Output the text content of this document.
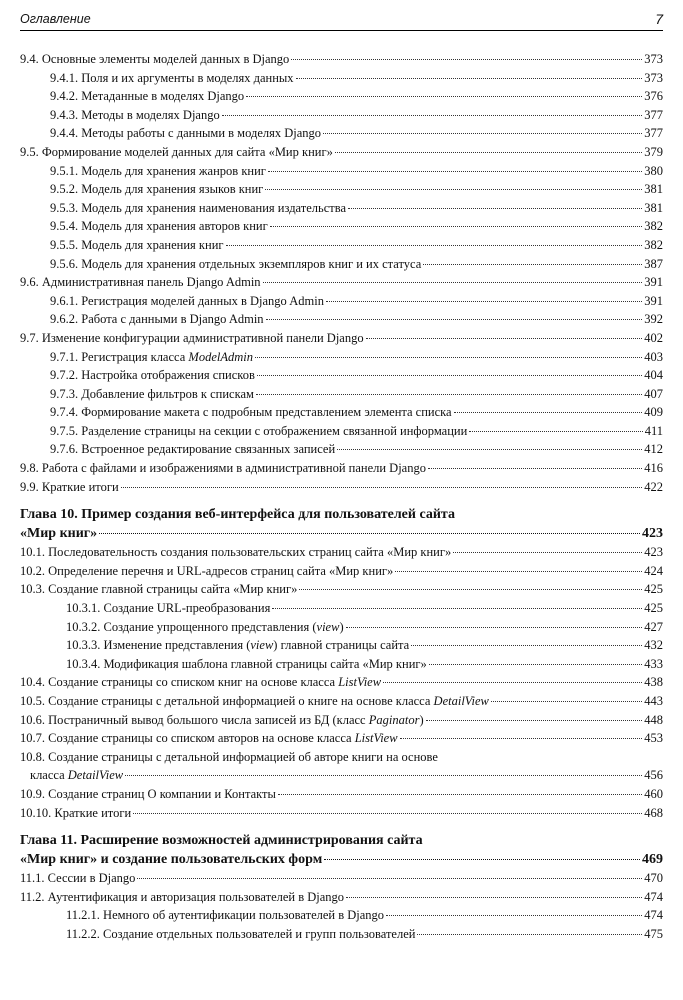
Оглавление	7
9.4. Основные элементы моделей данных в Django	373
9.4.1. Поля и их аргументы в моделях данных	373
9.4.2. Метаданные в моделях Django	376
9.4.3. Методы в моделях Django	377
9.4.4. Методы работы с данными в моделях Django	377
9.5. Формирование моделей данных для сайта «Мир книг»	379
9.5.1. Модель для хранения жанров книг	380
9.5.2. Модель для хранения языков книг	381
9.5.3. Модель для хранения наименования издательства	381
9.5.4. Модель для хранения авторов книг	382
9.5.5. Модель для хранения книг	382
9.5.6. Модель для хранения отдельных экземпляров книг и их статуса	387
9.6. Административная панель Django Admin	391
9.6.1. Регистрация моделей данных в Django Admin	391
9.6.2. Работа с данными в Django Admin	392
9.7. Изменение конфигурации административной панели Django	402
9.7.1. Регистрация класса ModelAdmin	403
9.7.2. Настройка отображения списков	404
9.7.3. Добавление фильтров к спискам	407
9.7.4. Формирование макета с подробным представлением элемента списка	409
9.7.5. Разделение страницы на секции с отображением связанной информации	411
9.7.6. Встроенное редактирование связанных записей	412
9.8. Работа с файлами и изображениями в административной панели Django	416
9.9. Краткие итоги	422
Глава 10. Пример создания веб-интерфейса для пользователей сайта
«Мир книг»	423
10.1. Последовательность создания пользовательских страниц сайта «Мир книг»	423
10.2. Определение перечня и URL-адресов страниц сайта «Мир книг»	424
10.3. Создание главной страницы сайта «Мир книг»	425
10.3.1. Создание URL-преобразования	425
10.3.2. Создание упрощенного представления (view)	427
10.3.3. Изменение представления (view) главной страницы сайта	432
10.3.4. Модификация шаблона главной страницы сайта «Мир книг»	433
10.4. Создание страницы со списком книг на основе класса ListView	438
10.5. Создание страницы с детальной информацией о книге на основе класса DetailView	443
10.6. Постраничный вывод большого числа записей из БД (класс Paginator)	448
10.7. Создание страницы со списком авторов на основе класса ListView	453
10.8. Создание страницы с детальной информацией об авторе книги на основе
класса DetailView	456
10.9. Создание страниц О компании и Контакты	460
10.10. Краткие итоги	468
Глава 11. Расширение возможностей администрирования сайта
«Мир книг» и создание пользовательских форм	469
11.1. Сессии в Django	470
11.2. Аутентификация и авторизация пользователей в Django	474
11.2.1. Немного об аутентификации пользователей в Django	474
11.2.2. Создание отдельных пользователей и групп пользователей	475
